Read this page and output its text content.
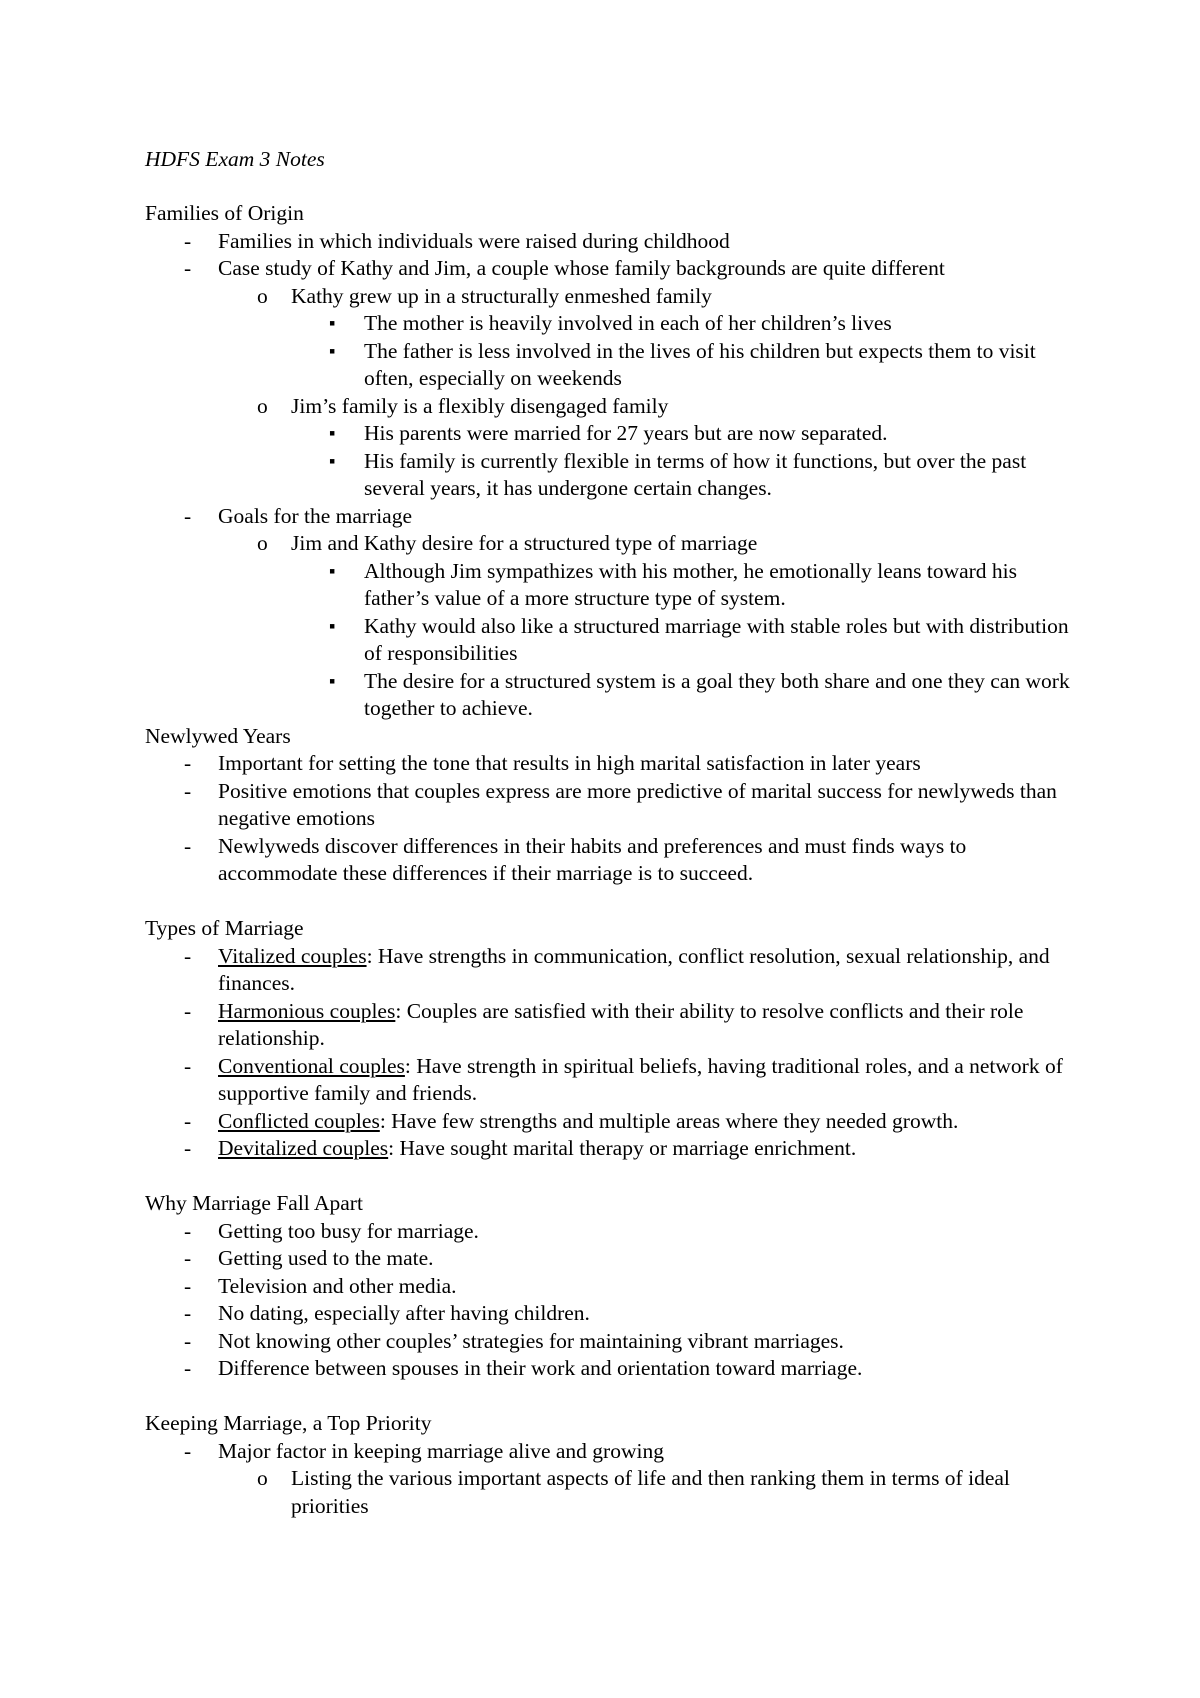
HDFS Exam 3 Notes
Families of Origin
- Families in which individuals were raised during childhood
- Case study of Kathy and Jim, a couple whose family backgrounds are quite different
o Kathy grew up in a structurally enmeshed family
▪ The mother is heavily involved in each of her children’s lives
▪ The father is less involved in the lives of his children but expects them to visit often, especially on weekends
o Jim’s family is a flexibly disengaged family
▪ His parents were married for 27 years but are now separated.
▪ His family is currently flexible in terms of how it functions, but over the past several years, it has undergone certain changes.
- Goals for the marriage
o Jim and Kathy desire for a structured type of marriage
▪ Although Jim sympathizes with his mother, he emotionally leans toward his father’s value of a more structure type of system.
▪ Kathy would also like a structured marriage with stable roles but with distribution of responsibilities
▪ The desire for a structured system is a goal they both share and one they can work together to achieve.
Newlywed Years
- Important for setting the tone that results in high marital satisfaction in later years
- Positive emotions that couples express are more predictive of marital success for newlyweds than negative emotions
- Newlyweds discover differences in their habits and preferences and must finds ways to accommodate these differences if their marriage is to succeed.
Types of Marriage
- Vitalized couples: Have strengths in communication, conflict resolution, sexual relationship, and finances.
- Harmonious couples: Couples are satisfied with their ability to resolve conflicts and their role relationship.
- Conventional couples: Have strength in spiritual beliefs, having traditional roles, and a network of supportive family and friends.
- Conflicted couples: Have few strengths and multiple areas where they needed growth.
- Devitalized couples: Have sought marital therapy or marriage enrichment.
Why Marriage Fall Apart
- Getting too busy for marriage.
- Getting used to the mate.
- Television and other media.
- No dating, especially after having children.
- Not knowing other couples’ strategies for maintaining vibrant marriages.
- Difference between spouses in their work and orientation toward marriage.
Keeping Marriage, a Top Priority
- Major factor in keeping marriage alive and growing
o Listing the various important aspects of life and then ranking them in terms of ideal priorities
